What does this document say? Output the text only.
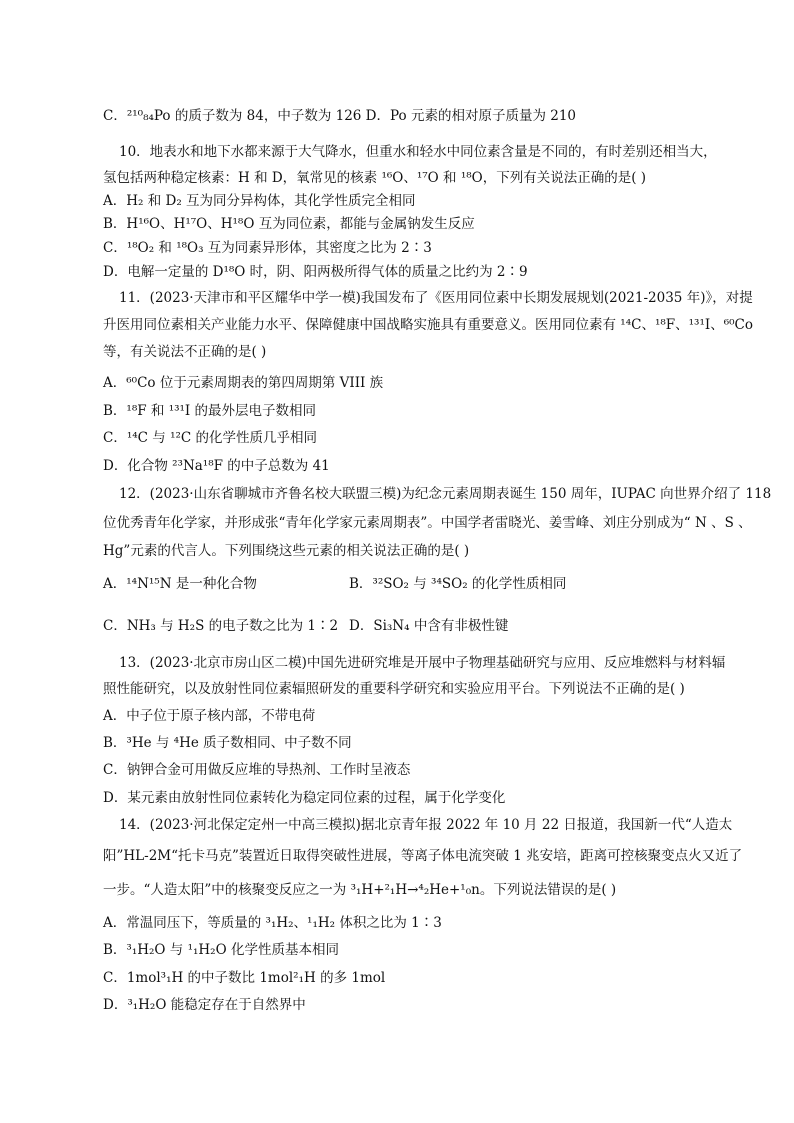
C．²¹⁰₈₄Po 的质子数为 84，中子数为 126 D．Po 元素的相对原子质量为 210
10．地表水和地下水都来源于大气降水，但重水和轻水中同位素含量是不同的，有时差别还相当大，
氢包括两种稳定核素：H 和 D，氧常见的核素 ¹⁶O、¹⁷O 和 ¹⁸O，下列有关说法正确的是( )
A．H₂ 和 D₂ 互为同分异构体，其化学性质完全相同
B．H¹⁶O、H¹⁷O、H¹⁸O 互为同位素，都能与金属钠发生反应
C．¹⁸O₂ 和 ¹⁸O₃ 互为同素异形体，其密度之比为 2∶3
D．电解一定量的 D¹⁸O 时，阴、阳两极所得气体的质量之比约为 2∶9
11．(2023·天津市和平区耀华中学一模)我国发布了《医用同位素中长期发展规划(2021-2035 年)》，对提
升医用同位素相关产业能力水平、保障健康中国战略实施具有重要意义。医用同位素有 ¹⁴C、¹⁸F、¹³¹I、⁶⁰Co
等，有关说法不正确的是( )
A．⁶⁰Co 位于元素周期表的第四周期第 VIII 族
B．¹⁸F 和 ¹³¹I 的最外层电子数相同
C．¹⁴C 与 ¹²C 的化学性质几乎相同
D．化合物 ²³Na¹⁸F 的中子总数为 41
12．(2023·山东省聊城市齐鲁名校大联盟三模)为纪念元素周期表诞生 150 周年，IUPAC 向世界介绍了 118
位优秀青年化学家，并形成张“青年化学家元素周期表”。中国学者雷晓光、姜雪峰、刘庄分别成为“ N 、S 、
Hg”元素的代言人。下列围绕这些元素的相关说法正确的是( )
A．¹⁴N¹⁵N 是一种化合物	B．³²SO₂ 与 ³⁴SO₂ 的化学性质相同
C．NH₃ 与 H₂S 的电子数之比为 1∶2 D．Si₃N₄ 中含有非极性键
13．(2023·北京市房山区二模)中国先进研究堆是开展中子物理基础研究与应用、反应堆燃料与材料辐
照性能研究，以及放射性同位素辐照研发的重要科学研究和实验应用平台。下列说法不正确的是( )
A．中子位于原子核内部，不带电荷
B．³He 与 ⁴He 质子数相同、中子数不同
C．钠钾合金可用做反应堆的导热剂、工作时呈液态
D．某元素由放射性同位素转化为稳定同位素的过程，属于化学变化
14．(2023·河北保定定州一中高三模拟)据北京青年报 2022 年 10 月 22 日报道，我国新一代“人造太
阳”HL-2M“托卡马克”装置近日取得突破性进展，等离子体电流突破 1 兆安培，距离可控核聚变点火又近了
一步。“人造太阳”中的核聚变反应之一为 ³₁H+²₁H→⁴₂He+¹₀n。下列说法错误的是( )
A．常温同压下，等质量的 ³₁H₂、¹₁H₂ 体积之比为 1∶3
B．³₁H₂O 与 ¹₁H₂O 化学性质基本相同
C．1mol³₁H 的中子数比 1mol²₁H 的多 1mol
D．³₁H₂O 能稳定存在于自然界中
